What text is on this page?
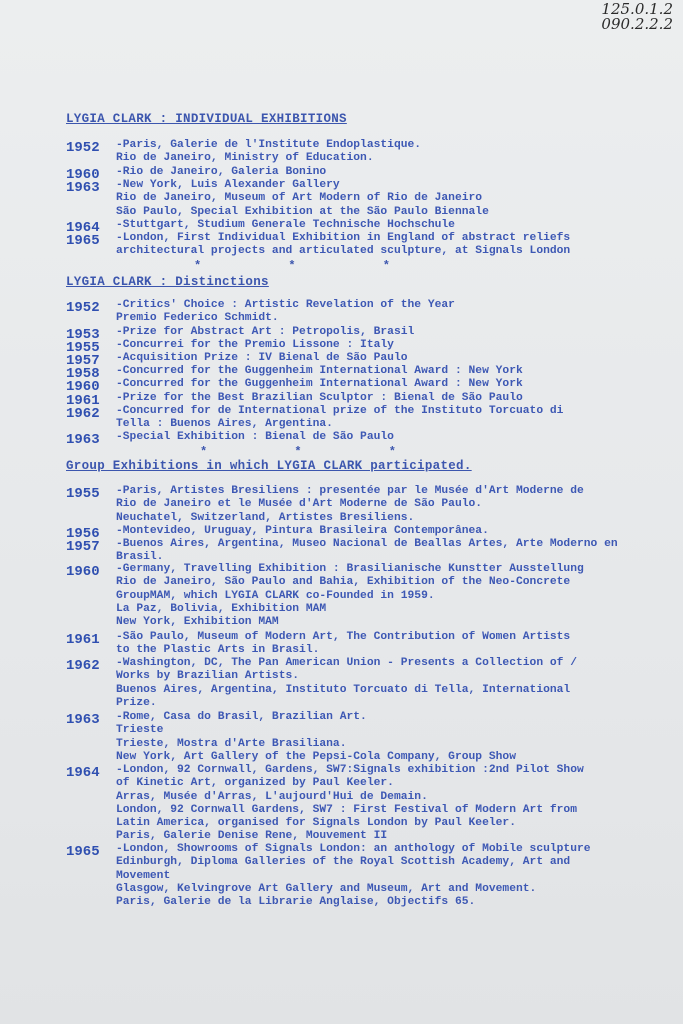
125.0.1.2
090.2.2.2
LYGIA CLARK : INDIVIDUAL EXHIBITIONS
1952 -Paris, Galerie de l'Institute Endoplastique.
Rio de Janeiro, Ministry of Education.
1960 -Rio de Janeiro, Galeria Bonino
1963 -New York, Luis Alexander Gallery
Rio de Janeiro, Museum of Art Modern of Rio de Janeiro
São Paulo, Special Exhibition at the São Paulo Biennale
1964 -Stuttgart, Studium Generale Technische Hochschule
1965 -London, First Individual Exhibition in England of abstract reliefs
architectural projects and articulated sculpture, at Signals London
* * *
LYGIA CLARK : Distinctions
1952 -Critics' Choice : Artistic Revelation of the Year
Premio Federico Schmidt.
1953 -Prize for Abstract Art : Petropolis, Brasil
1955 -Concurrei for the Premio Lissone : Italy
1957 -Acquisition Prize : IV Bienal de São Paulo
1958 -Concurred for the Guggenheim International Award : New York
1960 -Concurred for the Guggenheim International Award : New York
1961 -Prize for the Best Brazilian Sculptor : Bienal de São Paulo
1962 -Concurred for de International prize of the Instituto Torcuato di
Tella : Buenos Aires, Argentina.
1963 -Special Exhibition : Bienal de São Paulo
* * *
Group Exhibitions in which LYGIA CLARK participated.
1955 -Paris, Artistes Bresiliens : presentée par le Musée d'Art Moderne de
Rio de Janeiro et le Musée d'Art Moderne de São Paulo.
Neuchatel, Switzerland, Artistes Bresiliens.
1956 -Montevideo, Uruguay, Pintura Brasileira Contemporânea.
1957 -Buenos Aires, Argentina, Museo Nacional de Beallas Artes, Arte Moderno en Brasil.
1960 -Germany, Travelling Exhibition : Brasilianische Kunstter Ausstellung
Rio de Janeiro, São Paulo and Bahia, Exhibition of the Neo-Concrete
GroupMAM, which LYGIA CLARK co-Founded in 1959.
La Paz, Bolivia, Exhibition MAM
New York, Exhibition MAM
1961 -São Paulo, Museum of Modern Art, The Contribution of Women Artists
to the Plastic Arts in Brasil.
1962 -Washington, DC, The Pan American Union - Presents a Collection of /
Works by Brazilian Artists.
Buenos Aires, Argentina, Instituto Torcuato di Tella, International
Prize.
1963 -Rome, Casa do Brasil, Brazilian Art.
Trieste
Trieste, Mostra d'Arte Brasiliana.
New York, Art Gallery of the Pepsi-Cola Company, Group Show
1964 -London, 92 Cornwall, Gardens, SW7:Signals exhibition :2nd Pilot Show
of Kinetic Art, organized by Paul Keeler.
Arras, Musée d'Arras, L'aujourd'Hui de Demain.
London, 92 Cornwall Gardens, SW7 : First Festival of Modern Art from
Latin America, organised for Signals London by Paul Keeler.
Paris, Galerie Denise Rene, Mouvement II
1965 -London, Showrooms of Signals London: an anthology of Mobile sculpture
Edinburgh, Diploma Galleries of the Royal Scottish Academy, Art and
Movement
Glasgow, Kelvingrove Art Gallery and Museum, Art and Movement.
Paris, Galerie de la Librarie Anglaise, Objectifs 65.
